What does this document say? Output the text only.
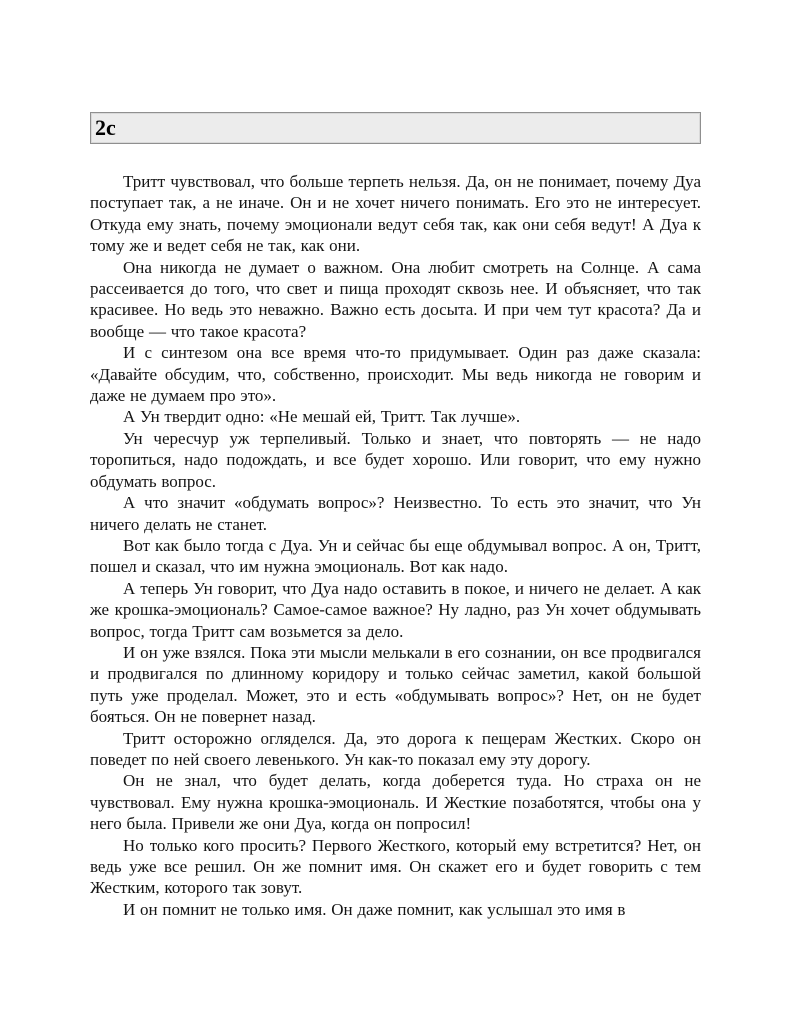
2c

Тритт чувствовал, что больше терпеть нельзя. Да, он не понимает, почему Дуа поступает так, а не иначе. Он и не хочет ничего понимать. Его это не интересует. Откуда ему знать, почему эмоционали ведут себя так, как они себя ведут! А Дуа к тому же и ведет себя не так, как они.

Она никогда не думает о важном. Она любит смотреть на Солнце. А сама рассеивается до того, что свет и пища проходят сквозь нее. И объясняет, что так красивее. Но ведь это неважно. Важно есть досыта. И при чем тут красота? Да и вообще — что такое красота?

И с синтезом она все время что-то придумывает. Один раз даже сказала: «Давайте обсудим, что, собственно, происходит. Мы ведь никогда не говорим и даже не думаем про это».

А Ун твердит одно: «Не мешай ей, Тритт. Так лучше».

Ун чересчур уж терпеливый. Только и знает, что повторять — не надо торопиться, надо подождать, и все будет хорошо. Или говорит, что ему нужно обдумать вопрос.

А что значит «обдумать вопрос»? Неизвестно. То есть это значит, что Ун ничего делать не станет.

Вот как было тогда с Дуа. Ун и сейчас бы еще обдумывал вопрос. А он, Тритт, пошел и сказал, что им нужна эмоциональ. Вот как надо.

А теперь Ун говорит, что Дуа надо оставить в покое, и ничего не делает. А как же крошка-эмоциональ? Самое-самое важное? Ну ладно, раз Ун хочет обдумывать вопрос, тогда Тритт сам возьмется за дело.

И он уже взялся. Пока эти мысли мелькали в его сознании, он все продвигался и продвигался по длинному коридору и только сейчас заметил, какой большой путь уже проделал. Может, это и есть «обдумывать вопрос»? Нет, он не будет бояться. Он не повернет назад.

Тритт осторожно огляделся. Да, это дорога к пещерам Жестких. Скоро он поведет по ней своего левенького. Ун как-то показал ему эту дорогу.

Он не знал, что будет делать, когда доберется туда. Но страха он не чувствовал. Ему нужна крошка-эмоциональ. И Жесткие позаботятся, чтобы она у него была. Привели же они Дуа, когда он попросил!

Но только кого просить? Первого Жесткого, который ему встретится? Нет, он ведь уже все решил. Он же помнит имя. Он скажет его и будет говорить с тем Жестким, которого так зовут.

И он помнит не только имя. Он даже помнит, как услышал это имя в
